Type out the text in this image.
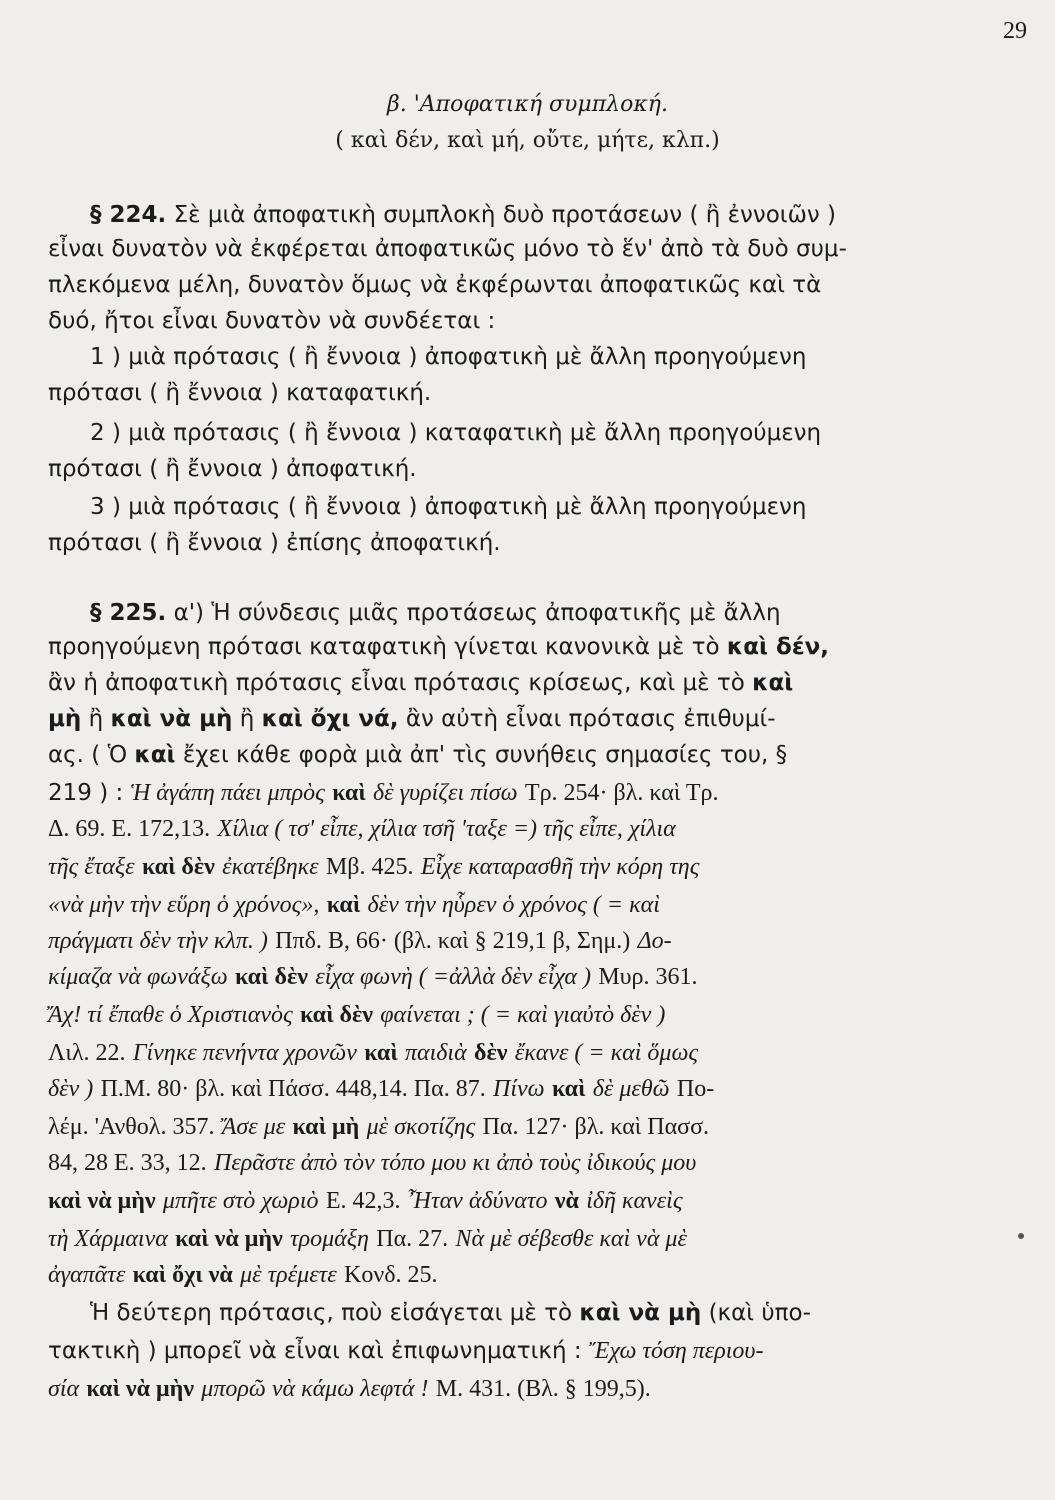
29
β. 'Αποφατική συμπλοκή.
( καὶ δέν, καὶ μή, οὔτε, μήτε, κλπ.)
§ 224. Σὲ μιὰ ἀποφατικὴ συμπλοκὴ δυὸ προτάσεων ( ἢ ἐννοιῶν )
εἶναι δυνατὸν νὰ ἐκφέρεται ἀποφατικῶς μόνο τὸ ἕν' ἀπὸ τὰ δυὸ συμ-
πλεκόμενα μέλη, δυνατὸν ὅμως νὰ ἐκφέρωνται ἀποφατικῶς καὶ τὰ
δυό, ἤτοι εἶναι δυνατὸν νὰ συνδέεται :
1 ) μιὰ πρότασις ( ἢ ἔννοια ) ἀποφατικὴ μὲ ἄλλη προηγούμενη
πρότασι ( ἢ ἔννοια ) καταφατική.
2 ) μιὰ πρότασις ( ἢ ἔννοια ) καταφατικὴ μὲ ἄλλη προηγούμενη
πρότασι ( ἢ ἔννοια ) ἀποφατική.
3 ) μιὰ πρότασις ( ἢ ἔννοια ) ἀποφατικὴ μὲ ἄλλη προηγούμενη
πρότασι ( ἢ ἔννοια ) ἐπίσης ἀποφατική.
§ 225. α') Ἡ σύνδεσις μιᾶς προτάσεως ἀποφατικῆς μὲ ἄλλη
προηγούμενη πρότασι καταφατικὴ γίνεται κανονικὰ μὲ τὸ καὶ δέν,
ἂν ἡ ἀποφατικὴ πρότασις εἶναι πρότασις κρίσεως, καὶ μὲ τὸ καὶ
μὴ ἢ καὶ νὰ μὴ ἢ καὶ ὄχι νά, ἂν αὐτὴ εἶναι πρότασις ἐπιθυμί-
ας. ( Ὁ καὶ ἔχει κάθε φορὰ μιὰ ἀπ' τὶς συνήθεις σημασίες του, §
219 ) : Ἡ ἀγάπη πάει μπρὸς καὶ δὲ γυρίζει πίσω Τρ. 254· βλ. καὶ Τρ.
Δ. 69. Ε. 172,13. Χίλια ( τσ' εἶπε, χίλια τσῆ 'ταξε =) τῆς εἶπε, χίλια
τῆς ἔταξε καὶ δὲν ἐκατέβηκε Μβ. 425. Εἶχε καταρασθῆ τὴν κόρη της
«νὰ μὴν τὴν εὕρη ὁ χρόνος», καὶ δὲν τὴν ηὗρεν ὁ χρόνος ( = καὶ
πράγματι δὲν τὴν κλπ. ) Ππδ. Β, 66· (βλ. καὶ § 219,1 β, Σημ.) Δο-
κίμαζα νὰ φωνάξω καὶ δὲν εἶχα φωνὴ ( =ἀλλὰ δὲν εἶχα ) Μυρ. 361.
Ἄχ! τί ἔπαθε ὁ Χριστιανὸς καὶ δὲν φαίνεται ; ( = καὶ γιαὐτὸ δὲν )
Λιλ. 22. Γίνηκε πενήντα χρονῶν καὶ παιδιὰ δὲν ἔκανε ( = καὶ ὅμως
δὲν ) Π.Μ. 80· βλ. καὶ Πάσσ. 448,14. Πα. 87. Πίνω καὶ δὲ μεθῶ Πο-
λέμ. 'Ανθολ. 357. Ἄσε με καὶ μὴ μὲ σκοτίζης Πα. 127· βλ. καὶ Πασσ.
84, 28 Ε. 33, 12. Περᾶστε ἀπὸ τὸν τόπο μου κι ἀπὸ τοὺς ἰδικούς μου
καὶ νὰ μὴν μπῆτε στὸ χωριὸ Ε. 42,3. Ἦταν ἀδύνατο νὰ ἰδῆ κανεὶς
τὴ Χάρμαινα καὶ νὰ μὴν τρομάξη Πα. 27. Νὰ μὲ σέβεσθε καὶ νὰ μὲ
ἀγαπᾶτε καὶ ὄχι νὰ μὲ τρέμετε Κονδ. 25.
Ἡ δεύτερη πρότασις, ποὺ εἰσάγεται μὲ τὸ καὶ νὰ μὴ (καὶ ὑπο-
τακτικὴ ) μπορεῖ νὰ εἶναι καὶ ἐπιφωνηματική : Ἔχω τόση περιου-
σία καὶ νὰ μὴν μπορῶ νὰ κάμω λεφτά ! Μ. 431. (Βλ. § 199,5).
